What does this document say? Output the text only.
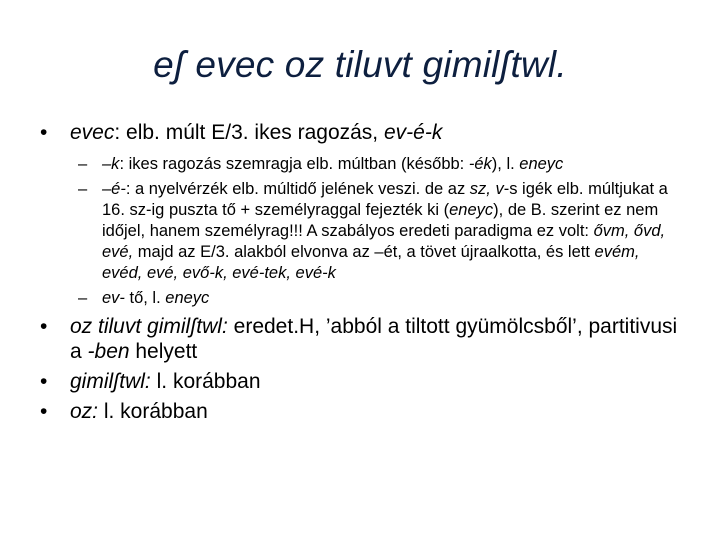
eʃ evec oz tiluvt gimilʃtwl.
• evec: elb. múlt E/3. ikes ragozás, ev-é-k
– –k: ikes ragozás szemragja elb. múltban (később: -ék), l. eneyc
– –é-: a nyelvérzék elb. múltidő jelének veszi. de az sz, v-s igék elb. múltjukat a 16. sz-ig puszta tő + személyraggal fejezték ki (eneyc), de B. szerint ez nem időjel, hanem személyrag!!! A szabályos eredeti paradigma ez volt: ővm, ővd, evé, majd az E/3. alakból elvonva az –ét, a tövet újraalkotta, és lett evém, evéd, evé, evő-k, evé-tek, evé-k
– ev- tő, l. eneyc
• oz tiluvt gimilʃtwl: eredet.H, ’abból a tiltott gyümölcsből’, partitivusi a -ben helyett
• gimilʃtwl: l. korábban
• oz: l. korábban
